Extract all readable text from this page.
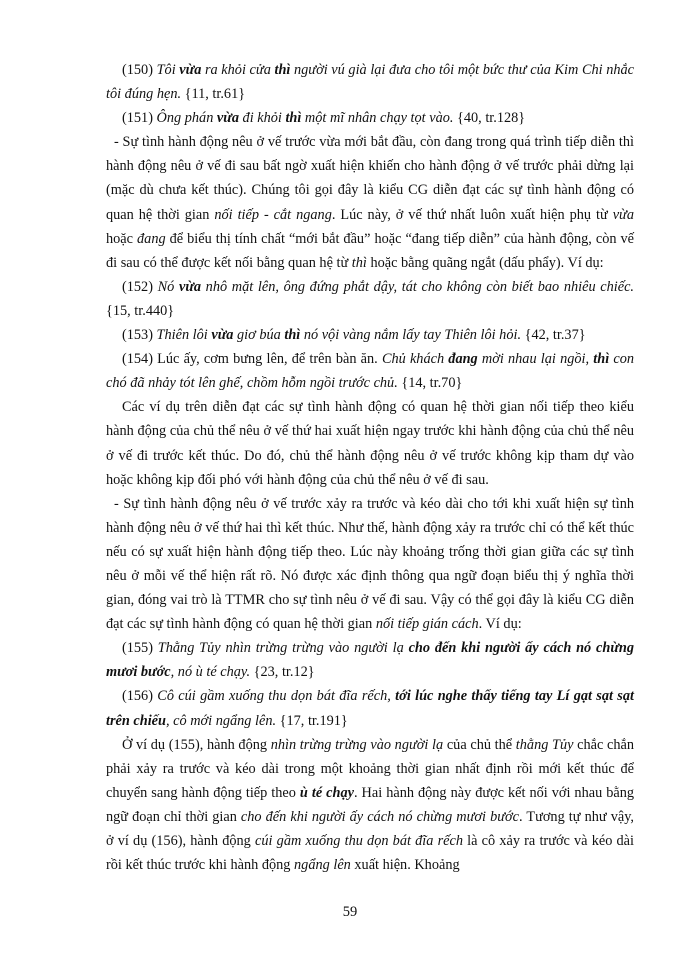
(150) Tôi vừa ra khỏi cửa thì người vú già lại đưa cho tôi một bức thư của Kim Chi nhắc tôi đúng hẹn. {11, tr.61}

(151) Ông phán vừa đi khỏi thì một mĩ nhân chạy tọt vào. {40, tr.128}

- Sự tình hành động nêu ở vế trước vừa mới bắt đầu, còn đang trong quá trình tiếp diễn thì hành động nêu ở vế đi sau bất ngờ xuất hiện khiến cho hành động ở vế trước phải dừng lại (mặc dù chưa kết thúc). Chúng tôi gọi đây là kiểu CG diễn đạt các sự tình hành động có quan hệ thời gian nối tiếp - cắt ngang. Lúc này, ở vế thứ nhất luôn xuất hiện phụ từ vừa hoặc đang để biểu thị tính chất “mới bắt đầu” hoặc “đang tiếp diễn” của hành động, còn vế đi sau có thể được kết nối bằng quan hệ từ thì hoặc bằng quãng ngắt (dấu phẩy). Ví dụ:

(152) Nó vừa nhô mặt lên, ông đứng phắt dậy, tát cho không còn biết bao nhiêu chiếc. {15, tr.440}

(153) Thiên lôi vừa giơ búa thì nó vội vàng nắm lấy tay Thiên lôi hỏi. {42, tr.37}

(154) Lúc ấy, cơm bưng lên, để trên bàn ăn. Chủ khách đang mời nhau lại ngồi, thì con chó đã nhảy tót lên ghế, chồm hỗm ngồi trước chủ. {14, tr.70}

Các ví dụ trên diễn đạt các sự tình hành động có quan hệ thời gian nối tiếp theo kiểu hành động của chủ thể nêu ở vế thứ hai xuất hiện ngay trước khi hành động của chủ thể nêu ở vế đi trước kết thúc. Do đó, chủ thể hành động nêu ở vế trước không kịp tham dự vào hoặc không kịp đối phó với hành động của chủ thể nêu ở vế đi sau.

- Sự tình hành động nêu ở vế trước xảy ra trước và kéo dài cho tới khi xuất hiện sự tình hành động nêu ở vế thứ hai thì kết thúc. Như thế, hành động xảy ra trước chỉ có thể kết thúc nếu có sự xuất hiện hành động tiếp theo. Lúc này khoảng trống thời gian giữa các sự tình nêu ở mỗi vế thể hiện rất rõ. Nó được xác định thông qua ngữ đoạn biểu thị ý nghĩa thời gian, đóng vai trò là TTMR cho sự tình nêu ở vế đi sau. Vậy có thể gọi đây là kiểu CG diễn đạt các sự tình hành động có quan hệ thời gian nối tiếp gián cách. Ví dụ:

(155) Thằng Tủy nhìn trừng trừng vào người lạ cho đến khi người ấy cách nó chừng mươi bước, nó ù té chạy. {23, tr.12}

(156) Cô cúi gầm xuống thu dọn bát đĩa rếch, tới lúc nghe thấy tiếng tay Lí gạt sạt sạt trên chiếu, cô mới ngẩng lên. {17, tr.191}

Ở ví dụ (155), hành động nhìn trừng trừng vào người lạ của chủ thể thằng Tủy chắc chắn phải xảy ra trước và kéo dài trong một khoảng thời gian nhất định rồi mới kết thúc để chuyển sang hành động tiếp theo ù té chạy. Hai hành động này được kết nối với nhau bằng ngữ đoạn chỉ thời gian cho đến khi người ấy cách nó chừng mươi bước. Tương tự như vậy, ở ví dụ (156), hành động cúi gầm xuống thu dọn bát đĩa rếch là cô xảy ra trước và kéo dài rồi kết thúc trước khi hành động ngẩng lên xuất hiện. Khoảng

59
